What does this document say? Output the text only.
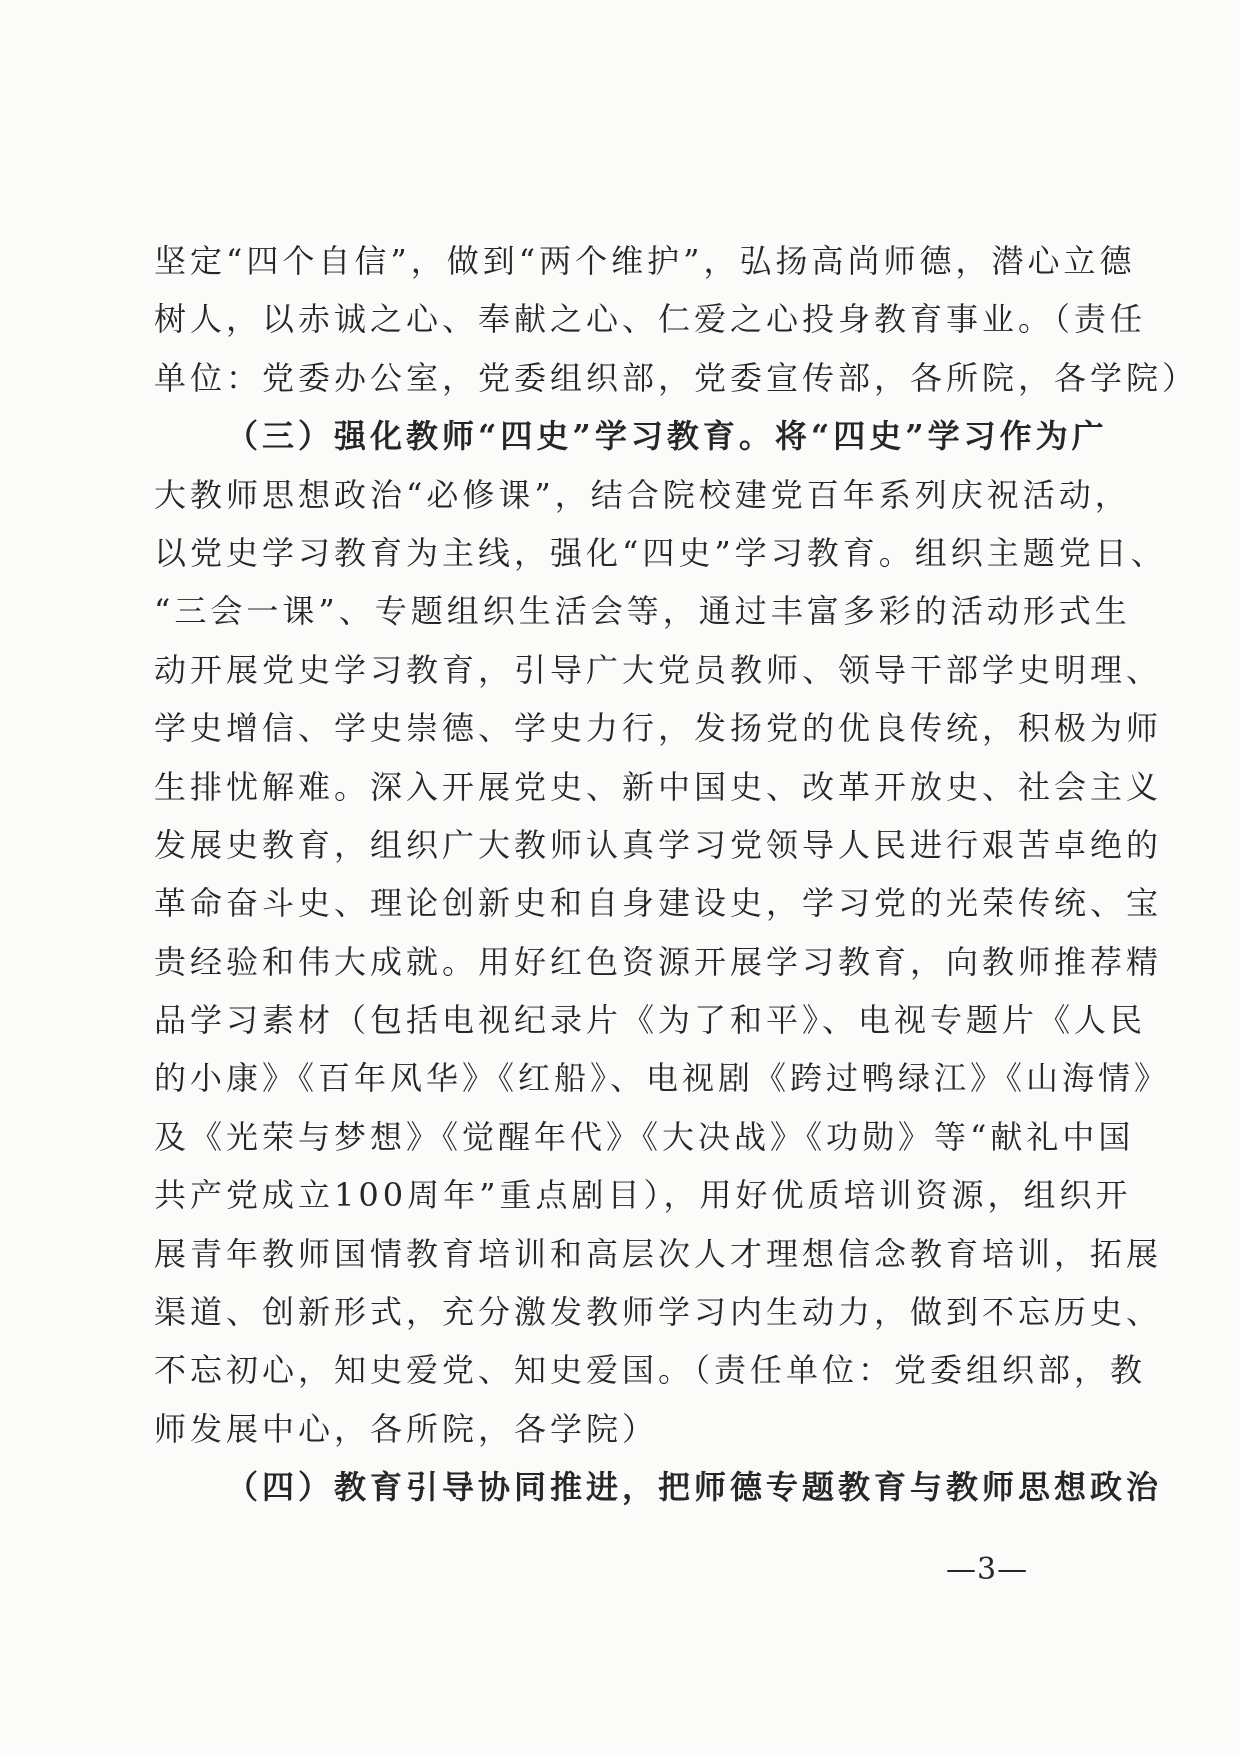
坚定“四个自信”，做到“两个维护”，弘扬高尚师德，潜心立德
树人，以赤诚之心、奉献之心、仁爱之心投身教育事业。（责任
单位：党委办公室，党委组织部，党委宣传部，各所院，各学院）
（三）强化教师“四史”学习教育。将“四史”学习作为广
大教师思想政治“必修课”，结合院校建党百年系列庆祝活动，
以党史学习教育为主线，强化“四史”学习教育。组织主题党日、
“三会一课”、专题组织生活会等，通过丰富多彩的活动形式生
动开展党史学习教育，引导广大党员教师、领导干部学史明理、
学史增信、学史崇德、学史力行，发扬党的优良传统，积极为师
生排忧解难。深入开展党史、新中国史、改革开放史、社会主义
发展史教育，组织广大教师认真学习党领导人民进行艰苦卓绝的
革命奋斗史、理论创新史和自身建设史，学习党的光荣传统、宝
贵经验和伟大成就。用好红色资源开展学习教育，向教师推荐精
品学习素材（包括电视纪录片《为了和平》、电视专题片《人民
的小康》《百年风华》《红船》、电视剧《跨过鸭绿江》《山海情》
及《光荣与梦想》《觉醒年代》《大决战》《功勋》等“献礼中国
共产党成立100周年”重点剧目），用好优质培训资源，组织开
展青年教师国情教育培训和高层次人才理想信念教育培训，拓展
渠道、创新形式，充分激发教师学习内生动力，做到不忘历史、
不忘初心，知史爱党、知史爱国。（责任单位：党委组织部，教
师发展中心，各所院，各学院）
（四）教育引导协同推进，把师德专题教育与教师思想政治
—3—
